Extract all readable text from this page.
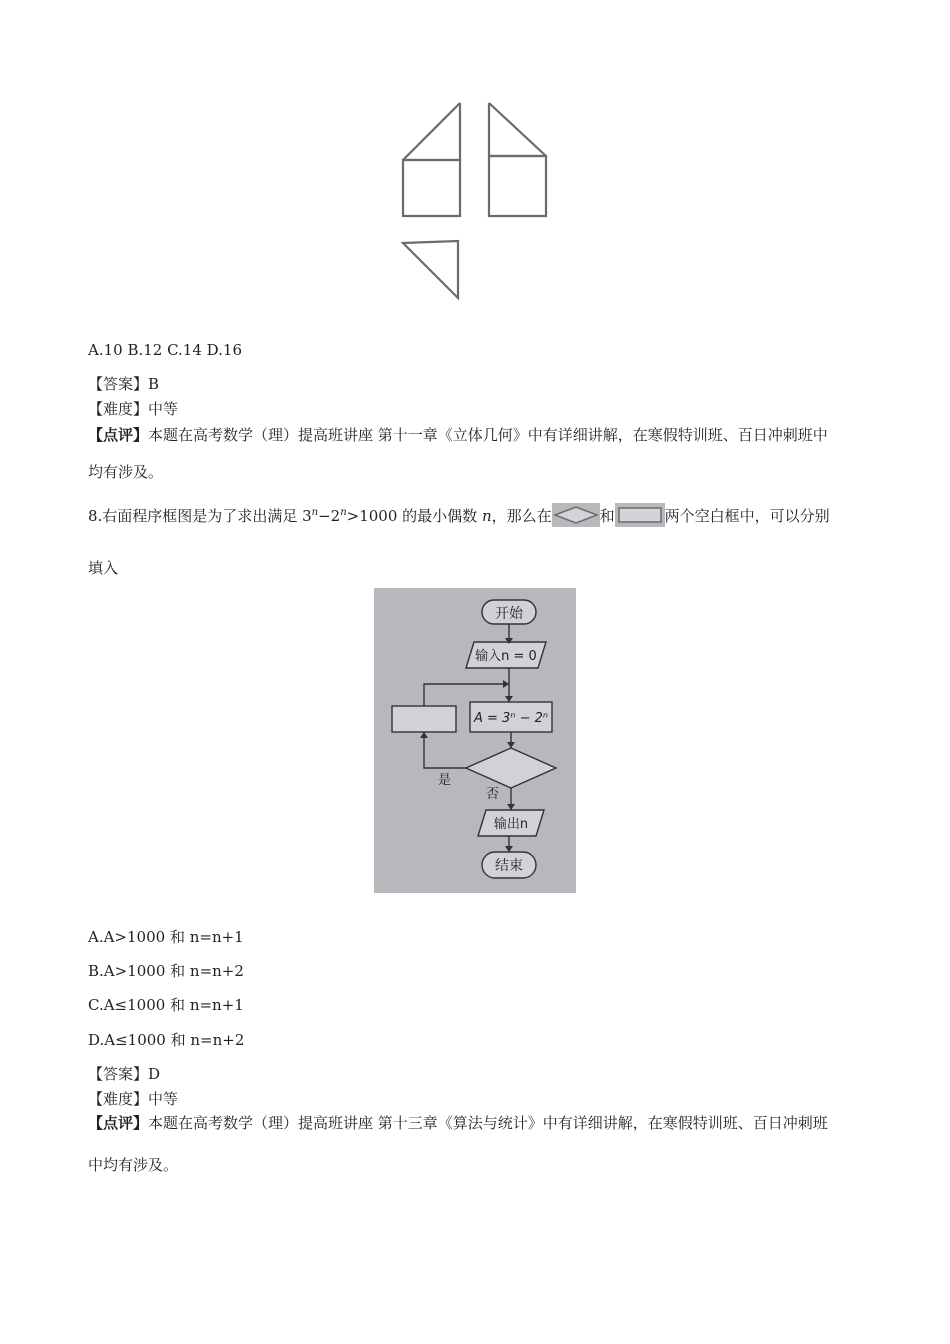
A.10 B.12 C.14 D.16
【答案】B
【难度】中等
【点评】本题在高考数学（理）提高班讲座 第十一章《立体几何》中有详细讲解，在寒假特训班、百日冲刺班中
均有涉及。
8.右面程序框图是为了求出满足 $3^n-2^n>1000$ 的最小偶数 n，那么在	和	两个空白框中，可以分别
填入
开始
输入n = 0
A = 3ⁿ − 2ⁿ
是
否
输出n
结束
A.A>1000 和 n=n+1
B.A>1000 和 n=n+2
C.A≤1000 和 n=n+1
D.A≤1000 和 n=n+2
【答案】D
【难度】中等
【点评】本题在高考数学（理）提高班讲座 第十三章《算法与统计》中有详细讲解，在寒假特训班、百日冲刺班
中均有涉及。
